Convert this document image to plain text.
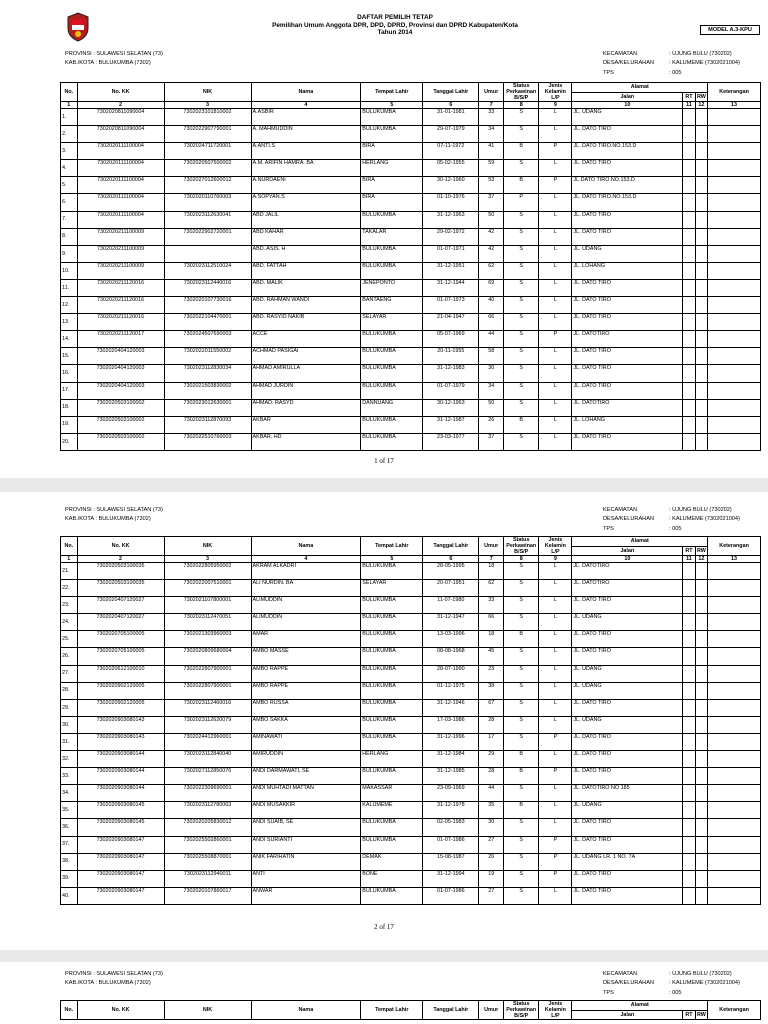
DAFTAR PEMILIH TETAP
Pemilihan Umum Anggota DPR, DPD, DPRD, Provinsi dan DPRD Kabupaten/Kota
Tahun 2014	MODEL A.3-KPU
PROVINSI : SULAWESI SELATAN (73)
KAB./KOTA : BULUKUMBA (7302)
KECAMATAN	: UJUNG BULU (730202)
DESA/KELURAHAN	: KALUMEME (7302021004)
TPS	: 005
No.	No. KK	NIK	Nama	Tempat Lahir	Tanggal Lahir	Umur	Status Perkawinan B/S/P	Jenis Kelamin L/P	Alamat			Keterangan
									Jalan	RT	RW	
1	2	3	4	5	6	7	8	9	10	11	12	13
1.	7302020811090004	7302023101810002	A.ASBIR	BULUKUMBA	31-01-1981	33	S	L	JL. UDANG			
2.	7302020811090004	7302022907790001	A. MAHMUDDIN	BULUKUMBA	29-07-1979	34	S	L	JL. DATO TIRO			
3.	7302020111100004	7302024711720001	A.ANTI.S	BIRA	07-11-1972	41	B	P	JL. DATO TIRO.NO.153.D			
4.	7302020111100004	7302020507500002	A.M. ARIFIN HAMRA. BA	HERLANG	05-02-1955	59	S	L	JL. DATO TIRO			
5.	7302020111100004	7302027012600012	A.NURDAENI	BIRA	30-12-1960	53	B	P	JL.DATO TIRO.NO.153.D			
6.	7302020111100004	7302020110760003	A.SOPYAN.S	BIRA	01-10-1976	37	P	L	JL. DATO TIRO.NO.153.D			
7.	7302020111100004	7302023112630041	ABD JALIL	BULUKUMBA	31-12-1963	50	S	L	JL. DATO TIRO			
8.	7302020211100009	7302022902720001	ABD KAHAR	TAKALAR	29-02-1972	42	S	L	JL. DATO TIRO			
9.	7302020211100009		ABD. ASIS. H	BULUKUMBA	01-07-1971	42	S	L	JL. UDANG			
10.	7302020211100009	7302023112510024	ABD. FATTAH	BULUKUMBA	31-12-1951	62	S	L	JL. LOHANG			
11.	7302020211120016	7302023112440016	ABD. MALIK	JENEPONTO	31-12-1944	69	S	L	JL. DATO TIRO			
12.	7302020211120016	7302020107730016	ABD. RAHMAN WANDI	BANTAENG	01-07-1973	40	S	L	JL. DATO TIRO			
13.	7302020211120016	7302022104470001	ABD. RASYID NAKIB	SELAYAR	21-04-1947	66	S	L	JL. DATO TIRO			
14.	7302020211120017	7302024507690003	ACCE	BULUKUMBA	05-07-1969	44	S	P	JL. DATOTIRO			
15.	7302020404120003	7302022011550002	ACHMAD PASIGAI	BULUKUMBA	20-11-1955	58	S	L	JL. DATO TIRO			
16.	7302020404120003	7302023112830034	AHMAD AMIRULLA	BULUKUMBA	31-12-1983	30	S	L	JL. DATO TIRO			
17.	7302020404120003	7302021503830002	AHMAD JURDIN	BULUKUMBA	01-07-1979	34	S	L	JL. DATO TIRO			
18.	7302020503100002	7302023012630001	AHMAD. RASYD	DANNUANG	30-12-1963	50	S	L	JL. DATOTIRO			
19.	7302020503100002	7302023112870093	AKBAR	BULUKUMBA	31-12-1987	26	B	L	JL. LOHANG			
20.	7302020503100002	7302022510760003	AKBAR. HD	BULUKUMBA	23-03-1977	37	S	L	JL. DATO TIRO			
1 of 17
PROVINSI : SULAWESI SELATAN (73)
KAB./KOTA : BULUKUMBA (7302)
KECAMATAN	: UJUNG BULU (730202)
DESA/KELURAHAN	: KALUMEME (7302021004)
TPS	: 005
No.	No. KK	NIK	Nama	Tempat Lahir	Tanggal Lahir	Umur	Status Perkawinan B/S/P	Jenis Kelamin L/P	Alamat			Keterangan
									Jalan	RT	RW	
1	2	3	4	5	6	7	8	9	10	11	12	13
21.	7302020503100035	7302022805950002	AKRAM ALKADRI	BULUKUMBA	28-05-1995	18	S	L	JL. DATOTIRO			
22.	7302020503100035	7302022007510001	ALI NURDIN. BA	SELAYAR	20-07-1951	62	S	L	JL. DATOTIRO			
23.	7302020407120027	7302021107800001	ALIMUDDIN	BULUKUMBA	11-07-1980	33	S	L	JL. DATO TIRO			
24.	7302020407120027	7302023112470051	ALIMUDDIN	BULUKUMBA	31-12-1947	66	S	L	JL. UDANG			
25.	7302020705100005	7302021303960003	AMAR	BULUKUMBA	13-03-1996	18	B	L	JL. DATO TIRO			
26.	7302020705100005	7302020809680004	AMBO MASSE	BULUKUMBA	08-08-1968	45	S	L	JL. DATO TIRO			
27.	7302020612100010	7302022807900001	AMBO RAPPE	BULUKUMBA	28-07-1990	23	S	L	JL. UDANG			
28.	7302020902120005	7302022807900001	AMBO RAPPE	BULUKUMBA	01-12-1975	38	S	L	JL. UDANG			
29.	7302020902120005	7302023112460016	AMBO RUSSA	BULUKUMBA	31-12-1946	67	S	L	JL. DATO TIRO			
30.	7302020903080143	7302023112620079	AMBO SAKKA	BULUKUMBA	17-03-1986	28	S	L	JL. UDANG			
31.	7302020903080143	7302024412960001	AMINAWATI	BULUKUMBA	31-12-1996	17	S	P	JL. DATO TIRO			
32.	7302020903080144	7302023112840040	AMIRUDDIN	HERLANG	31-12-1984	29	B	L	JL. DATO TIRO			
33.	7302020903080144	7302027112850076	ANDI DARMAWATI, SE	BULUKUMBA	31-12-1985	28	B	P	JL. DATO TIRO			
34.	7302020903080144	7302022309690001	ANDI MUHTADI MATTAN	MAKASSAR	23-09-1969	44	S	L	JL. DATOTIRO NO 185			
35.	7302020903080145	7302023112780063	ANDI MUSAKKIR	KALUMEME	31-12-1978	35	B	L	JL. UDANG			
36.	7302020903080145	7302020205830012	ANDI SUAIB, SE	BULUKUMBA	02-05-1983	30	S	L	JL. DATO TIRO			
37.	7302020903080147	7302025502860001	ANDI SURIANTI	BULUKUMBA	01-07-1986	27	S	P	JL. DATO TIRO			
38.	7302020903080147	7302025508870001	ANIK FARIHATIN	DEMAK	15-08-1987	26	S	P	JL. UDANG LR. 1 NO. 7A			
39.	7302020903080147	7302023112940011	ANTI	BONE	31-12-1994	19	S	P	JL. DATO TIRO			
40.	7302020903080147	7302020107860017	ANWAR	BULUKUMBA	01-07-1986	27	S	L	JL. DATO TIRO			
2 of 17
PROVINSI : SULAWESI SELATAN (73)
KAB./KOTA : BULUKUMBA (7302)
KECAMATAN	: UJUNG BULU (730202)
DESA/KELURAHAN	: KALUMEME (7302021004)
TPS	: 005
No.	No. KK	NIK	Nama	Tempat Lahir	Tanggal Lahir	Umur	Status Perkawinan B/S/P	Jenis Kelamin L/P	Alamat			Keterangan
									Jalan	RT	RW	
